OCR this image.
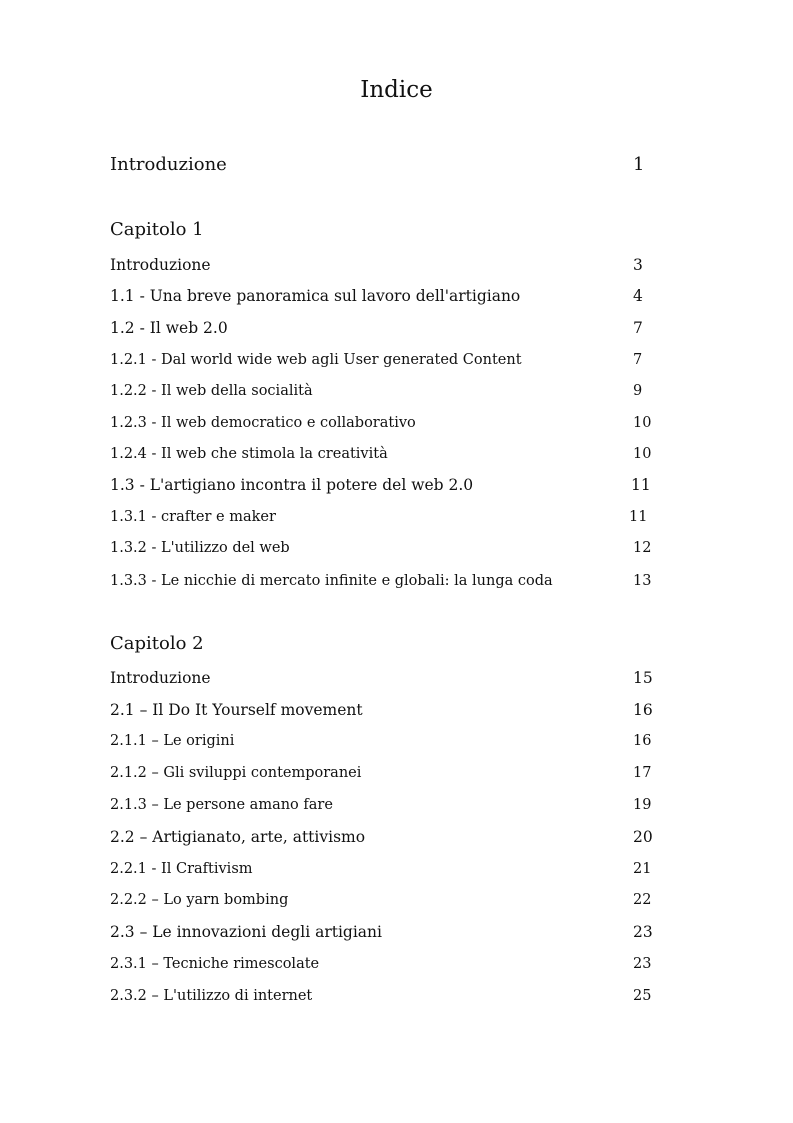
Indice
Introduzione	1
Capitolo 1
Introduzione	3
1.1 - Una breve panoramica sul lavoro dell'artigiano	4
1.2 - Il web 2.0	7
1.2.1 - Dal world wide web agli User generated Content	7
1.2.2 - Il web della socialità	9
1.2.3 - Il web democratico e collaborativo	10
1.2.4 - Il web che stimola la creatività	10
1.3 - L'artigiano incontra il potere del web 2.0	11
1.3.1 - crafter e maker	11
1.3.2 - L'utilizzo del web	12
1.3.3 - Le nicchie di mercato infinite e globali: la lunga coda	13
Capitolo 2
Introduzione	15
2.1 – Il Do It Yourself movement	16
2.1.1 – Le origini	16
2.1.2 – Gli sviluppi contemporanei	17
2.1.3 – Le persone amano fare	19
2.2 – Artigianato, arte, attivismo	20
2.2.1 - Il Craftivism	21
2.2.2 – Lo yarn bombing	22
2.3 – Le innovazioni degli artigiani	23
2.3.1 – Tecniche rimescolate	23
2.3.2 – L'utilizzo di internet	25
